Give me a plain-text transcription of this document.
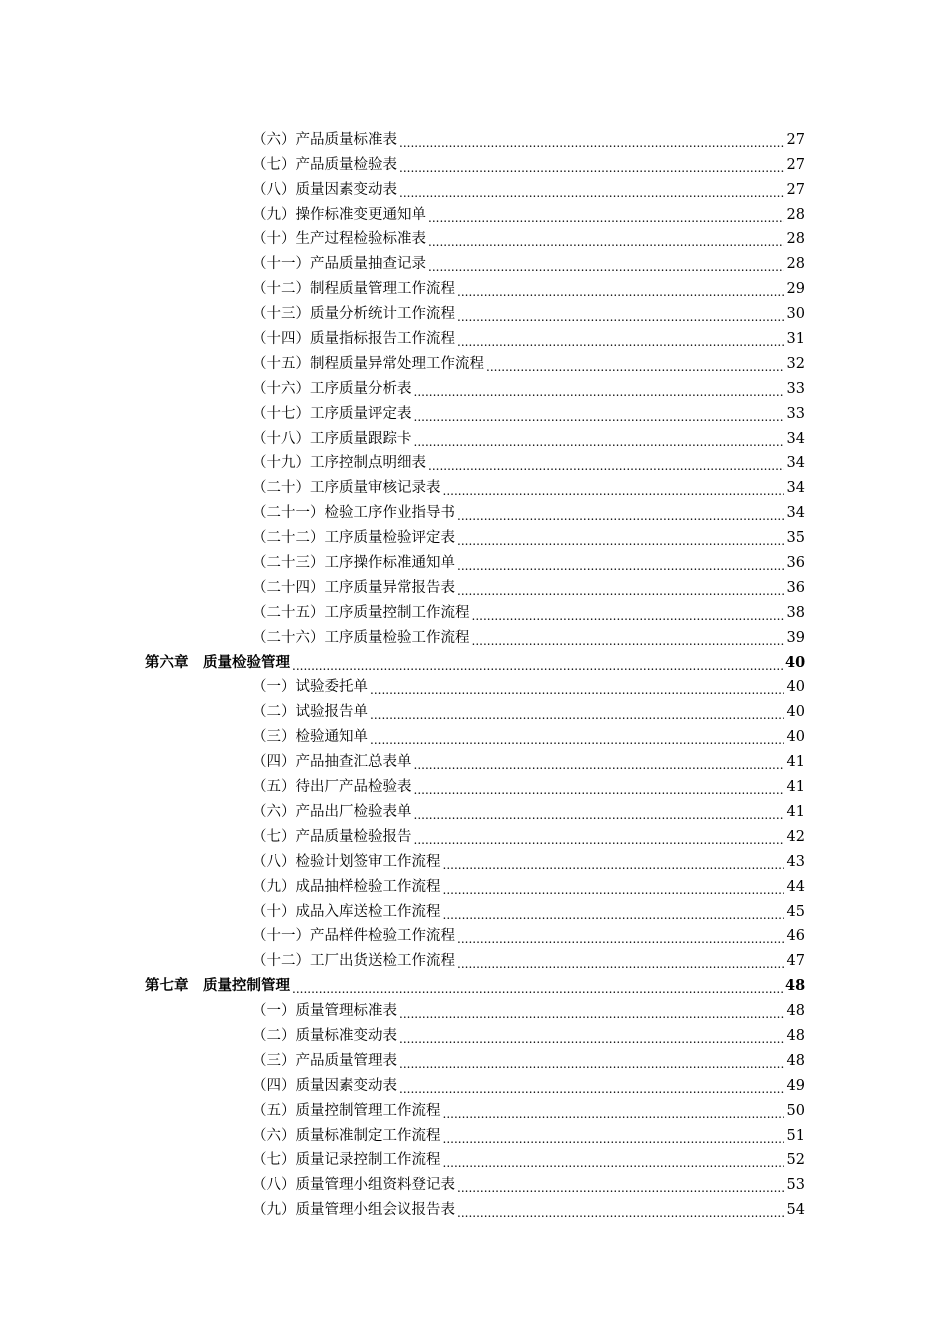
（六）产品质量标准表 .....	27
（七）产品质量检验表 .....	27
（八）质量因素变动表 .....	27
（九）操作标准变更通知单 .....	28
（十）生产过程检验标准表 .....	28
（十一）产品质量抽查记录 .....	28
（十二）制程质量管理工作流程 .....	29
（十三）质量分析统计工作流程 .....	30
（十四）质量指标报告工作流程 .....	31
（十五）制程质量异常处理工作流程 .....	32
（十六）工序质量分析表 .....	33
（十七）工序质量评定表 .....	33
（十八）工序质量跟踪卡 .....	34
（十九）工序控制点明细表 .....	34
（二十）工序质量审核记录表 .....	34
（二十一）检验工序作业指导书 .....	34
（二十二）工序质量检验评定表 .....	35
（二十三）工序操作标准通知单 .....	36
（二十四）工序质量异常报告表 .....	36
（二十五）工序质量控制工作流程 .....	38
（二十六）工序质量检验工作流程 .....	39
第六章　质量检验管理 .....	40
（一）试验委托单 .....	40
（二）试验报告单 .....	40
（三）检验通知单 .....	40
（四）产品抽查汇总表单 .....	41
（五）待出厂产品检验表 .....	41
（六）产品出厂检验表单 .....	41
（七）产品质量检验报告 .....	42
（八）检验计划签审工作流程 .....	43
（九）成品抽样检验工作流程 .....	44
（十）成品入库送检工作流程 .....	45
（十一）产品样件检验工作流程 .....	46
（十二）工厂出货送检工作流程 .....	47
第七章　质量控制管理 .....	48
（一）质量管理标准表 .....	48
（二）质量标准变动表 .....	48
（三）产品质量管理表 .....	48
（四）质量因素变动表 .....	49
（五）质量控制管理工作流程 .....	50
（六）质量标准制定工作流程 .....	51
（七）质量记录控制工作流程 .....	52
（八）质量管理小组资料登记表 .....	53
（九）质量管理小组会议报告表 .....	54
